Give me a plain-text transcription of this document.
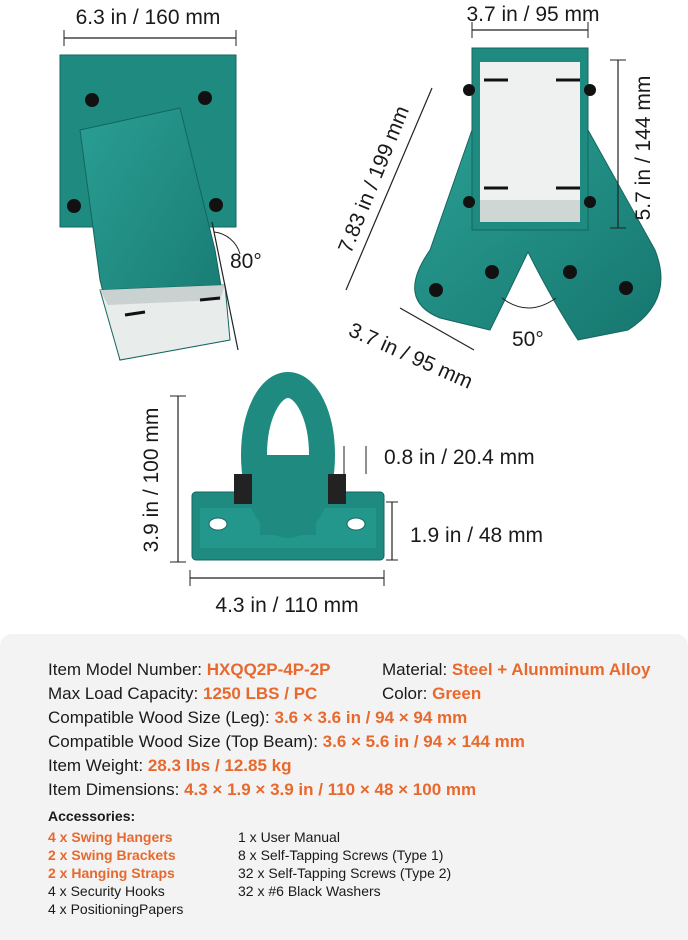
6.3 in / 160 mm
80°
3.7 in / 95 mm
5.7 in / 144 mm
7.83 in / 199 mm
3.7 in / 95 mm 50°
3.9 in / 100 mm	0.8 in / 20.4 mm
1.9 in / 48 mm
4.3 in / 110 mm
Item Model Number: HXQQ2P-4P-2P	Material: Steel + Alunminum Alloy
Max Load Capacity: 1250 LBS / PC	Color: Green
Compatible Wood Size (Leg): 3.6 × 3.6 in / 94 × 94 mm
Compatible Wood Size (Top Beam): 3.6 × 5.6 in / 94 × 144 mm
Item Weight: 28.3 lbs / 12.85 kg
Item Dimensions: 4.3 × 1.9 × 3.9 in / 110 × 48 × 100 mm
Accessories:
4 x Swing Hangers
2 x Swing Brackets
2 x Hanging Straps
4 x Security Hooks
4 x PositioningPapers
1 x User Manual
8 x Self-Tapping Screws (Type 1)
32 x Self-Tapping Screws (Type 2)
32 x #6 Black Washers
